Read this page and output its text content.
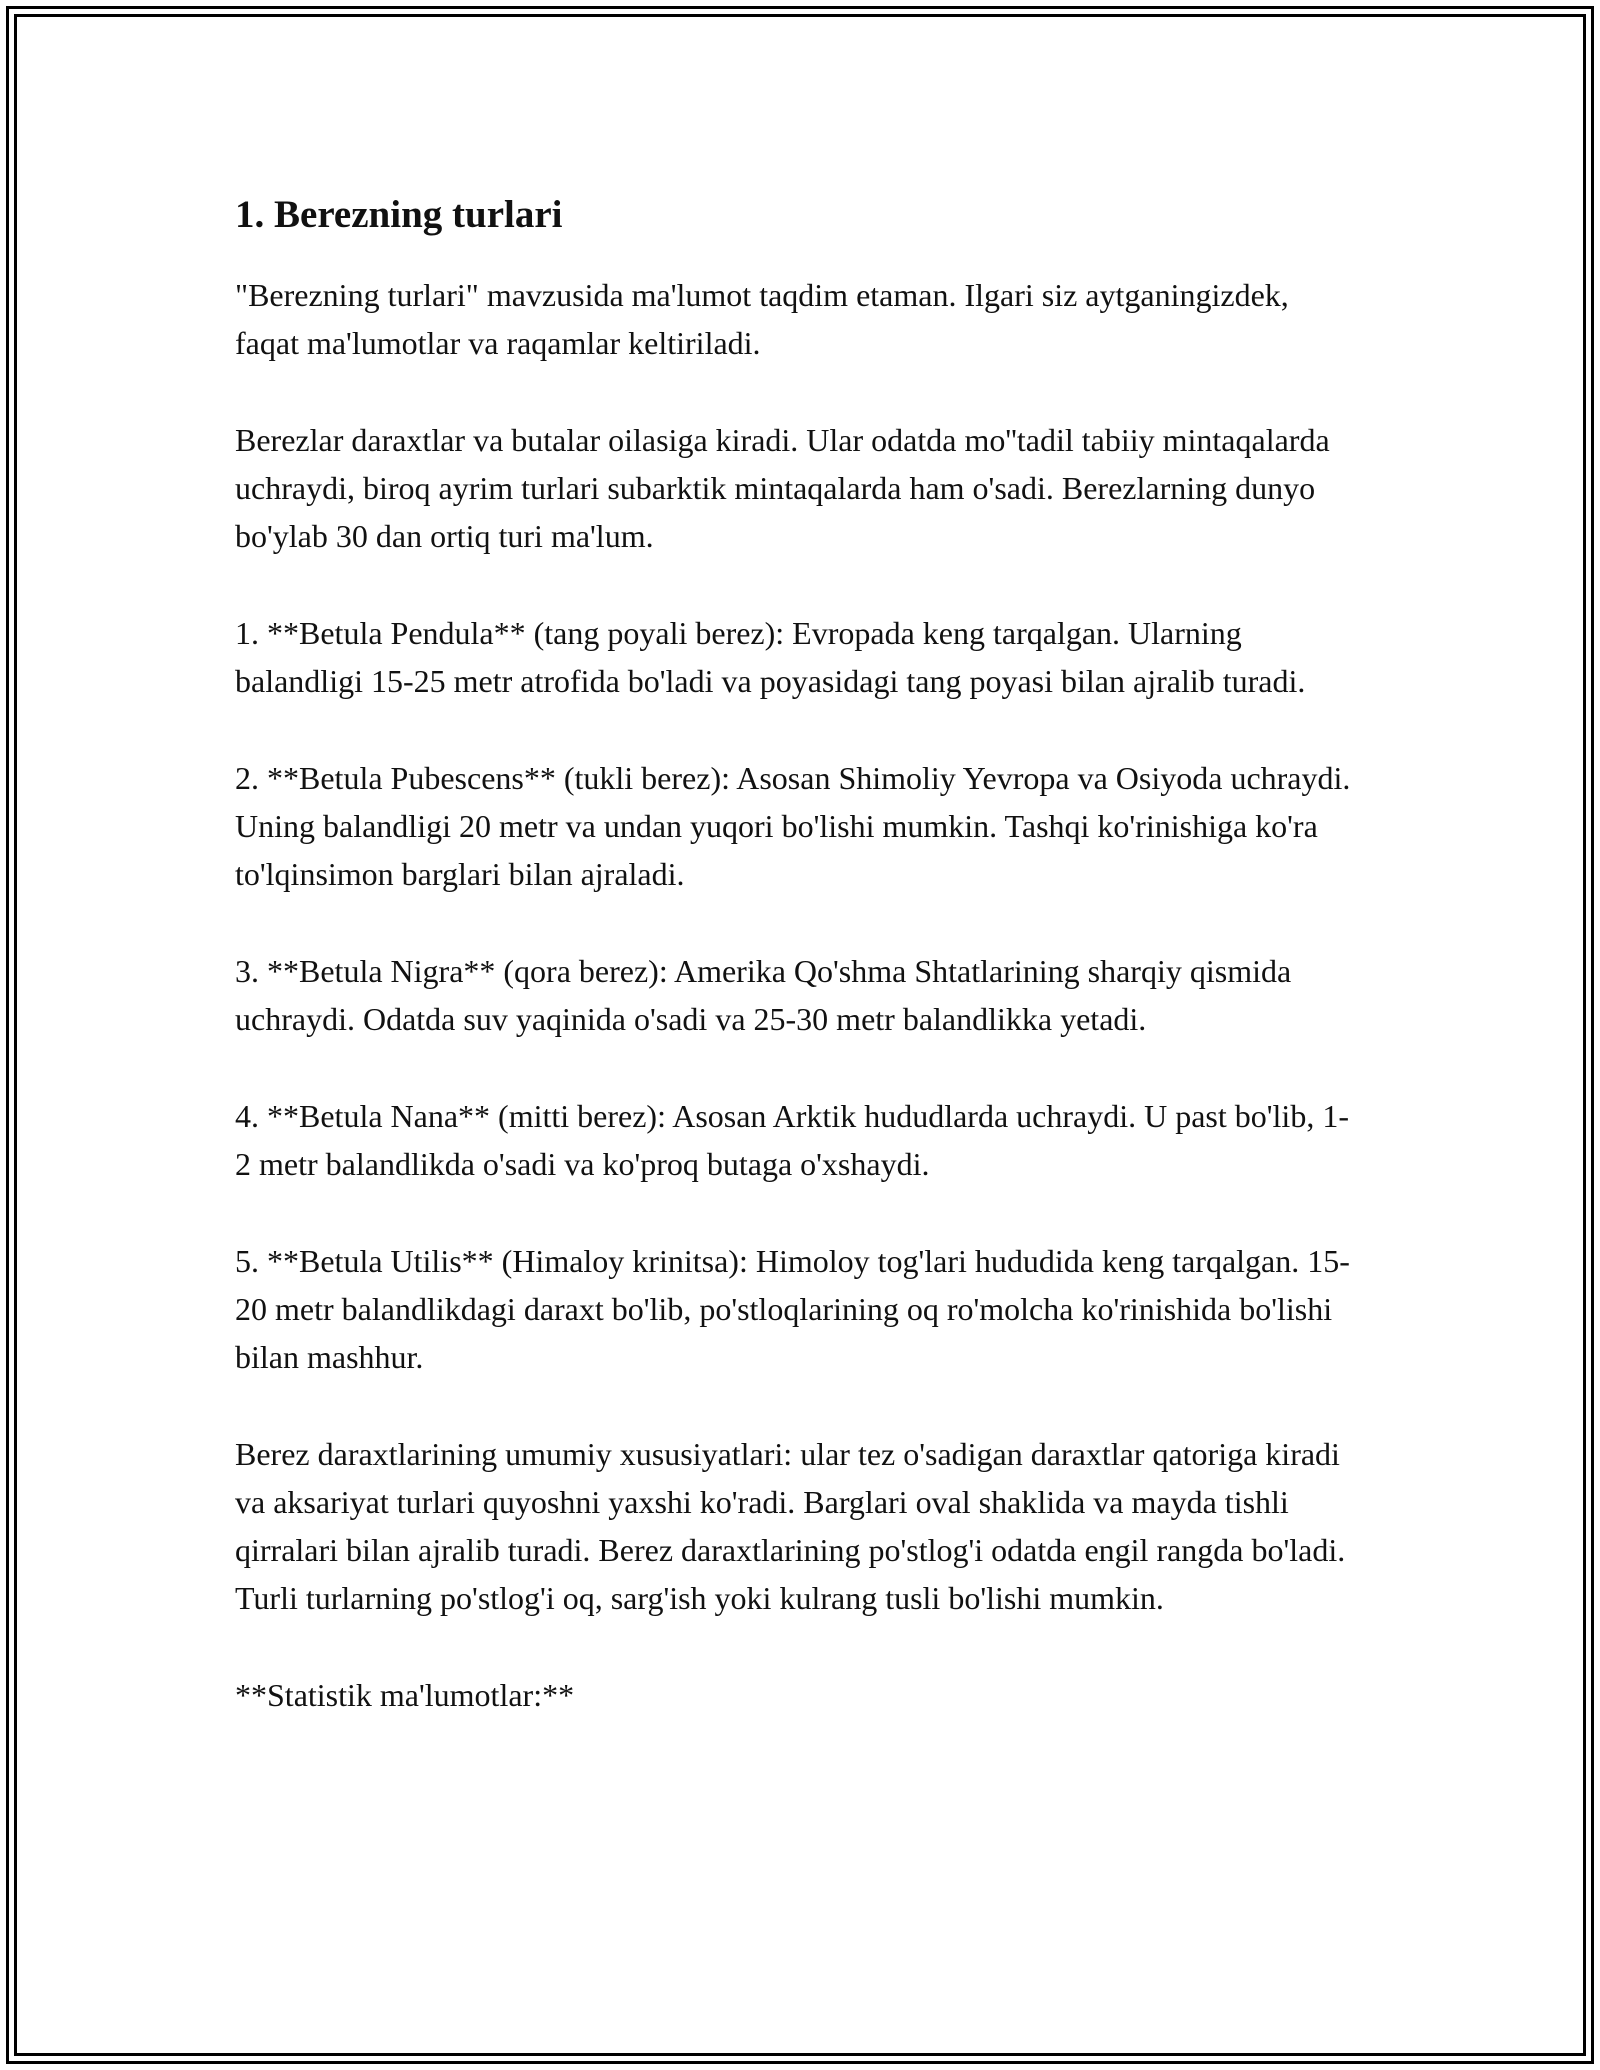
1. Berezning turlari

"Berezning turlari" mavzusida ma'lumot taqdim etaman. Ilgari siz aytganingizdek, faqat ma'lumotlar va raqamlar keltiriladi.

Berezlar daraxtlar va butalar oilasiga kiradi. Ular odatda mo''tadil tabiiy mintaqalarda uchraydi, biroq ayrim turlari subarktik mintaqalarda ham o'sadi. Berezlarning dunyo bo'ylab 30 dan ortiq turi ma'lum.

1. **Betula Pendula** (tang poyali berez): Evropada keng tarqalgan. Ularning balandligi 15-25 metr atrofida bo'ladi va poyasidagi tang poyasi bilan ajralib turadi.

2. **Betula Pubescens** (tukli berez): Asosan Shimoliy Yevropa va Osiyoda uchraydi. Uning balandligi 20 metr va undan yuqori bo'lishi mumkin. Tashqi ko'rinishiga ko'ra to'lqinsimon barglari bilan ajraladi.

3. **Betula Nigra** (qora berez): Amerika Qo'shma Shtatlarining sharqiy qismida uchraydi. Odatda suv yaqinida o'sadi va 25-30 metr balandlikka yetadi.

4. **Betula Nana** (mitti berez): Asosan Arktik hududlarda uchraydi. U past bo'lib, 1-2 metr balandlikda o'sadi va ko'proq butaga o'xshaydi.

5. **Betula Utilis** (Himaloy krinitsa): Himoloy tog'lari hududida keng tarqalgan. 15-20 metr balandlikdagi daraxt bo'lib, po'stloqlarining oq ro'molcha ko'rinishida bo'lishi bilan mashhur.

Berez daraxtlarining umumiy xususiyatlari: ular tez o'sadigan daraxtlar qatoriga kiradi va aksariyat turlari quyoshni yaxshi ko'radi. Barglari oval shaklida va mayda tishli qirralari bilan ajralib turadi. Berez daraxtlarining po'stlog'i odatda engil rangda bo'ladi. Turli turlarning po'stlog'i oq, sarg'ish yoki kulrang tusli bo'lishi mumkin.

**Statistik ma'lumotlar:**
